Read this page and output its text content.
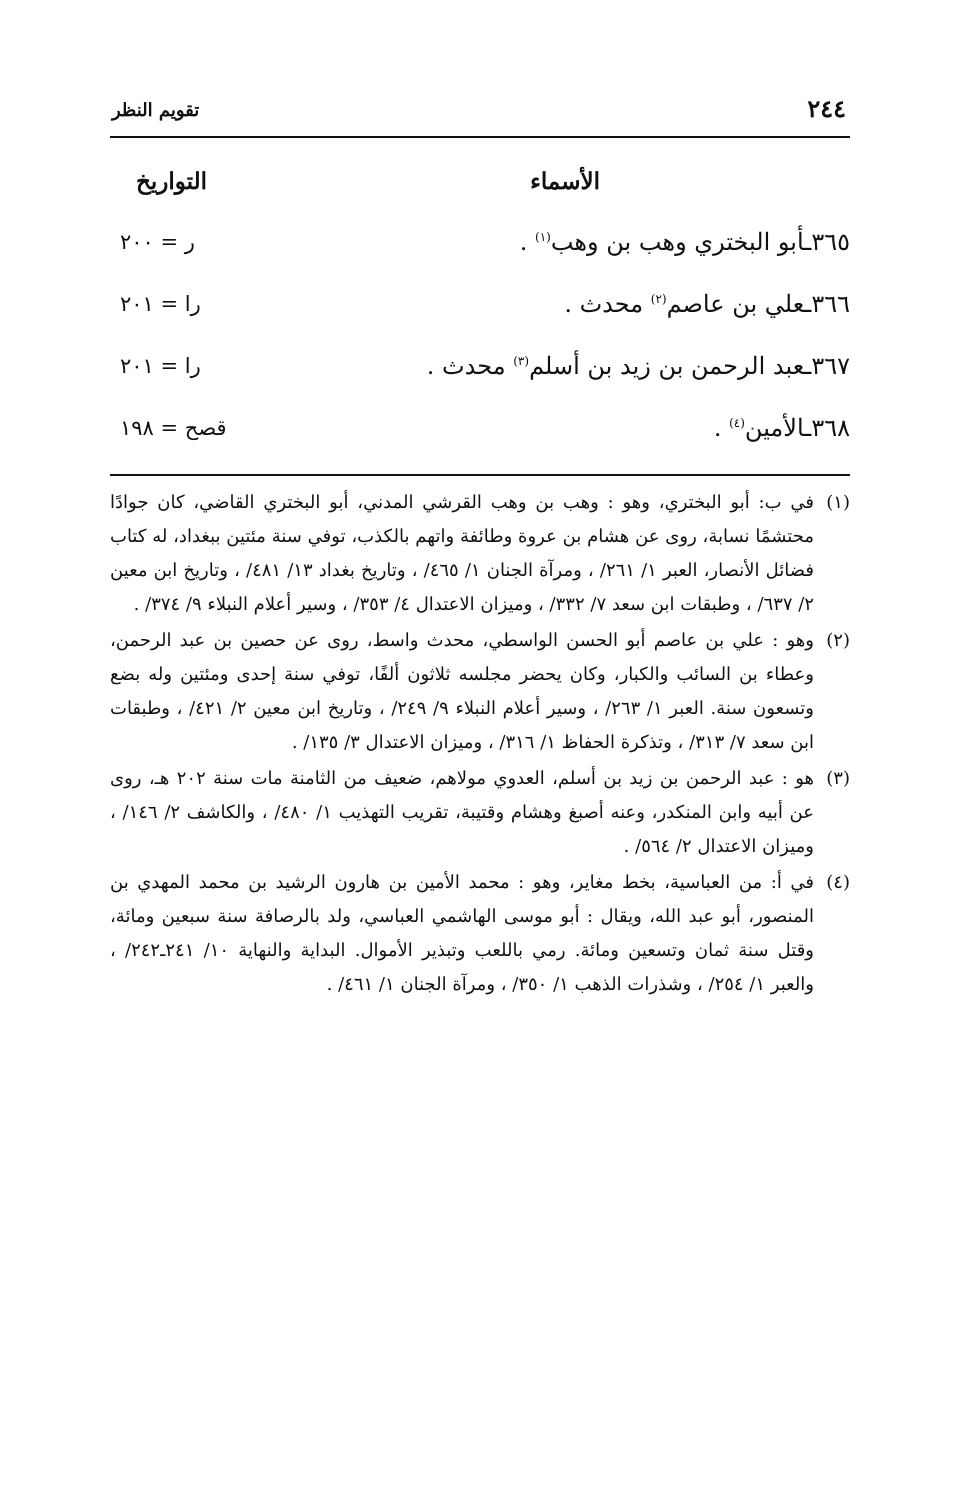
٢٤٤
تقويم النظر
الأسماء
التواريخ
٣٦٥ـأبو البختري وهب بن وهب$^{(١)}$ .
ر = ٢٠٠
٣٦٦ـعلي بن عاصم$^{(٢)}$ محدث .
را = ٢٠١
٣٦٧ـعبد الرحمن بن زيد بن أسلم$^{(٣)}$ محدث .
را = ٢٠١
٣٦٨ـالأمين$^{(٤)}$ .
قصح = ١٩٨
(١)
في ب: أبو البختري، وهو : وهب بن وهب القرشي المدني، أبو البختري القاضي، كان جوادًا محتشمًا نسابة، روى عن هشام بن عروة وطائفة واتهم بالكذب، توفي سنة مئتين ببغداد، له كتاب فضائل الأنصار، العبر ١/ ٢٦١/ ، ومرآة الجنان ١/ ٤٦٥/ ، وتاريخ بغداد ١٣/ ٤٨١/ ، وتاريخ ابن معين ٢/ ٦٣٧/ ، وطبقات ابن سعد ٧/ ٣٣٢/ ، وميزان الاعتدال ٤/ ٣٥٣/ ، وسير أعلام النبلاء ٩/ ٣٧٤/ .
(٢)
وهو : علي بن عاصم أبو الحسن الواسطي، محدث واسط، روى عن حصين بن عبد الرحمن، وعطاء بن السائب والكبار، وكان يحضر مجلسه ثلاثون ألفًا، توفي سنة إحدى ومئتين وله بضع وتسعون سنة. العبر ١/ ٢٦٣/ ، وسير أعلام النبلاء ٩/ ٢٤٩/ ، وتاريخ ابن معين ٢/ ٤٢١/ ، وطبقات ابن سعد ٧/ ٣١٣/ ، وتذكرة الحفاظ ١/ ٣١٦/ ، وميزان الاعتدال ٣/ ١٣٥/ .
(٣)
هو : عبد الرحمن بن زيد بن أسلم، العدوي مولاهم، ضعيف من الثامنة مات سنة ٢٠٢ هـ، روى عن أبيه وابن المنكدر، وعنه أصبغ وهشام وقتيبة، تقريب التهذيب ١/ ٤٨٠/ ، والكاشف ٢/ ١٤٦/ ، وميزان الاعتدال ٢/ ٥٦٤/ .
(٤)
في أ: من العباسية، بخط مغاير، وهو : محمد الأمين بن هارون الرشيد بن محمد المهدي بن المنصور، أبو عبد الله، ويقال : أبو موسى الهاشمي العباسي، ولد بالرصافة سنة سبعين ومائة، وقتل سنة ثمان وتسعين ومائة. رمي باللعب وتبذير الأموال. البداية والنهاية ١٠/ ٢٤١ـ٢٤٢/ ، والعبر ١/ ٢٥٤/ ، وشذرات الذهب ١/ ٣٥٠/ ، ومرآة الجنان ١/ ٤٦١/ .
